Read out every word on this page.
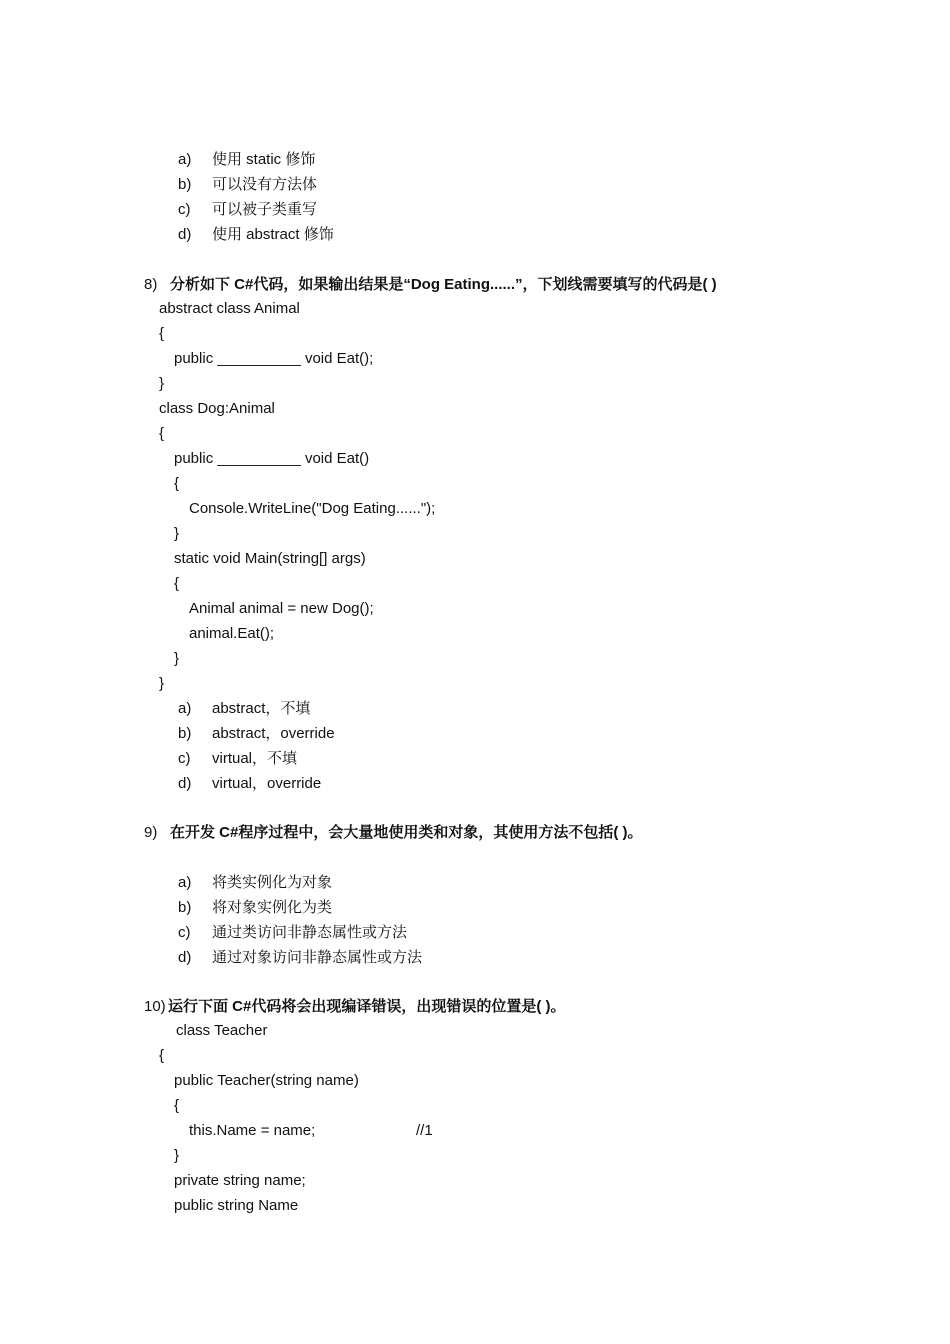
a) 使用 static 修饰
b) 可以没有方法体
c) 可以被子类重写
d) 使用 abstract 修饰
8) 分析如下 C#代码，如果输出结果是“Dog Eating......”，下划线需要填写的代码是( )
abstract class Animal
{
public __________ void Eat();
}
class Dog:Animal
{
public __________ void Eat()
{
Console.WriteLine("Dog Eating......");
}
static void Main(string[] args)
{
Animal animal = new Dog();
animal.Eat();
}
}
a) abstract，不填
b) abstract，override
c) virtual，不填
d) virtual，override
9) 在开发 C#程序过程中，会大量地使用类和对象，其使用方法不包括( )。
a) 将类实例化为对象
b) 将对象实例化为类
c) 通过类访问非静态属性或方法
d) 通过对象访问非静态属性或方法
10) 运行下面 C#代码将会出现编译错误，出现错误的位置是( )。
class Teacher
{
public Teacher(string name)
{
this.Name = name;	//1
}
private string name;
public string Name
